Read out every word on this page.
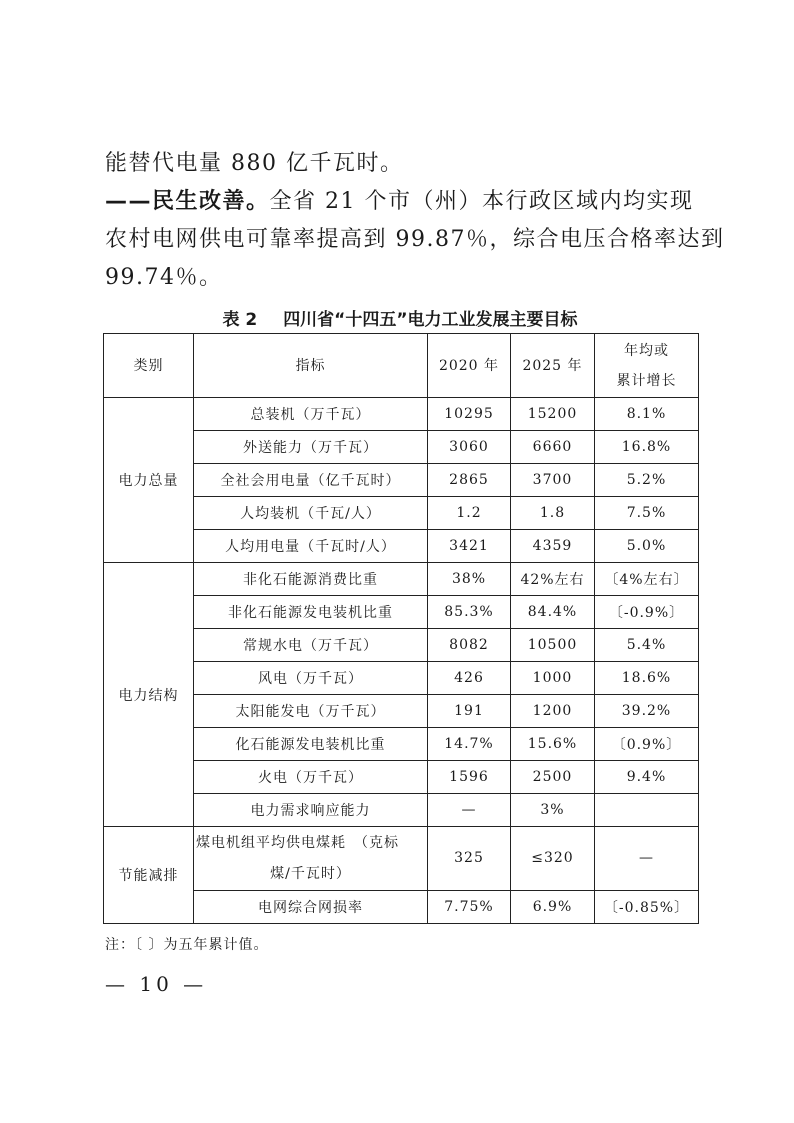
能替代电量 880 亿千瓦时。
——民生改善。全省 21 个市（州）本行政区域内均实现
农村电网供电可靠率提高到 99.87％，综合电压合格率达到
99.74％。
表 2 四川省“十四五”电力工业发展主要目标
类别	指标	2020 年	2025 年	年均或
累计增长
电力总量	总装机（万千瓦）	10295	15200	8.1%
	外送能力（万千瓦）	3060	6660	16.8%
	全社会用电量（亿千瓦时）	2865	3700	5.2%
	人均装机（千瓦/人）	1.2	1.8	7.5%
	人均用电量（千瓦时/人）	3421	4359	5.0%
电力结构	非化石能源消费比重	38%	42%左右	〔4%左右〕
	非化石能源发电装机比重	85.3%	84.4%	〔-0.9%〕
	常规水电（万千瓦）	8082	10500	5.4%
	风电（万千瓦）	426	1000	18.6%
	太阳能发电（万千瓦）	191	1200	39.2%
	化石能源发电装机比重	14.7%	15.6%	〔0.9%〕
	火电（万千瓦）	1596	2500	9.4%
	电力需求响应能力	—	3%	
节能减排	煤电机组平均供电煤耗　（克标
煤/千瓦时）	325	≤320	—
	电网综合网损率	7.75%	6.9%	〔-0.85%〕
注：〔 〕为五年累计值。
— 10 —
